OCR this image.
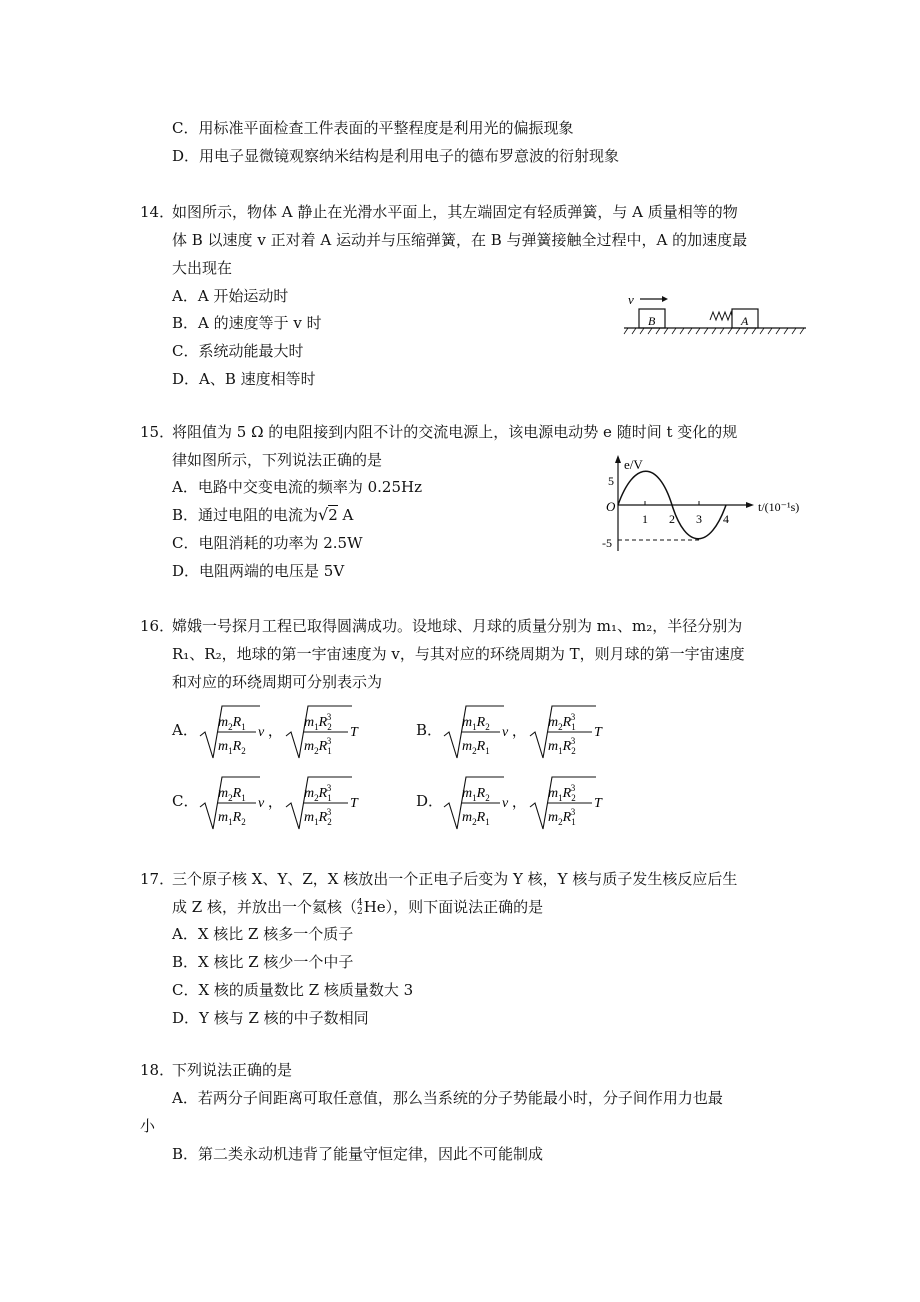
C．用标准平面检查工件表面的平整程度是利用光的偏振现象
D．用电子显微镜观察纳米结构是利用电子的德布罗意波的衍射现象
14．
如图所示，物体 A 静止在光滑水平面上，其左端固定有轻质弹簧，与 A 质量相等的物
体 B 以速度 v 正对着 A 运动并与压缩弹簧，在 B 与弹簧接触全过程中，A 的加速度最
大出现在
A．A 开始运动时
B．A 的速度等于 v 时
C．系统动能最大时
D．A、B 速度相等时
v
B	A
15．
将阻值为 5 Ω 的电阻接到内阻不计的交流电源上，该电源电动势 e 随时间 t 变化的规
律如图所示，下列说法正确的是
A．电路中交变电流的频率为 0.25Hz
B．通过电阻的电流为√2 A
C．电阻消耗的功率为 2.5W
D．电阻两端的电压是 5V
e/V
t/(10⁻¹s)
O
5
-5
1 2 3 4
16．
嫦娥一号探月工程已取得圆满成功。设地球、月球的质量分别为 m₁、m₂，半径分别为
R₁、R₂，地球的第一宇宙速度为 v，与其对应的环绕周期为 T，则月球的第一宇宙速度
和对应的环绕周期可分别表示为
A． $m_2R_1$
$m_1R_2$
v ，
$m_1R_23$
$m_2R_13$
T	B． $m_1R_2$
$m_2R_1$
v ，
$m_2R_13$
$m_1R_23$
T
C． $m_2R_1$
$m_1R_2$
v ，
$m_2R_13$
$m_1R_23$
T	D． $m_1R_2$
$m_2R_1$
v ，
$m_1R_23$
$m_2R_13$
T
17．
三个原子核 X、Y、Z，X 核放出一个正电子后变为 Y 核，Y 核与质子发生核反应后生
成 Z 核，并放出一个氦核（ 4
2 He），则下面说法正确的是
A．X 核比 Z 核多一个质子
B．X 核比 Z 核少一个中子
C．X 核的质量数比 Z 核质量数大 3
D．Y 核与 Z 核的中子数相同
18．
下列说法正确的是
A．若两分子间距离可取任意值，那么当系统的分子势能最小时，分子间作用力也最
小
B．第二类永动机违背了能量守恒定律，因此不可能制成
